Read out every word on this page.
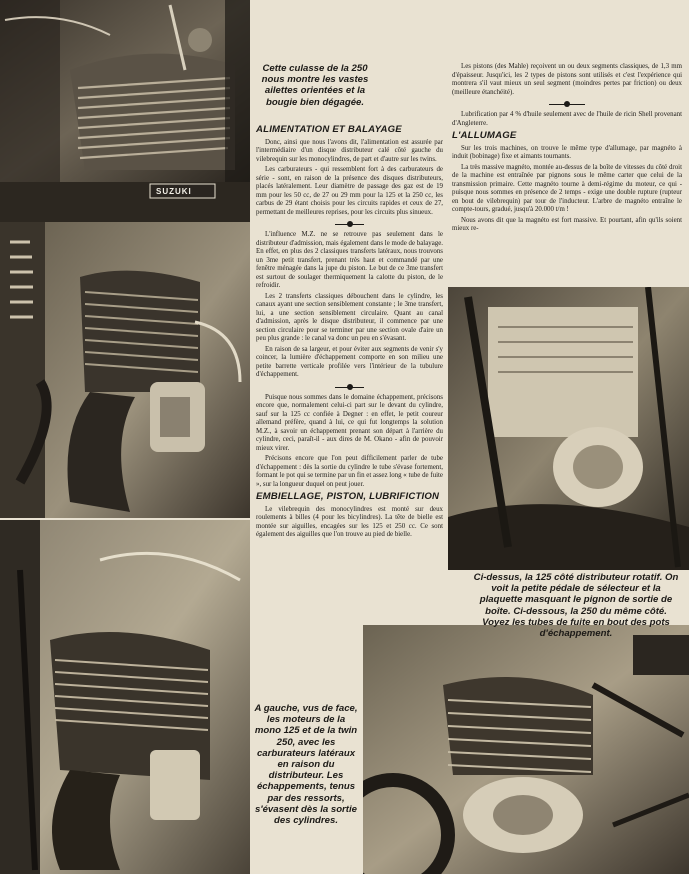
SUZUKI
Cette culasse de la 250 nous montre les vastes ailettes orientées et la bougie bien dégagée.
Ci-dessus, la 125 côté distributeur rotatif. On voit la petite pédale de sélecteur et la plaquette masquant le pignon de sortie de boîte. Ci-dessous, la 250 du même côté. Voyez les tubes de fuite en bout des pots d'échappement.
A gauche, vus de face, les moteurs de la mono 125 et de la twin 250, avec les carburateurs latéraux en raison du distributeur. Les échappements, tenus par des ressorts, s'évasent dès la sortie des cylindres.
ALIMENTATION ET BALAYAGE

Donc, ainsi que nous l'avons dit, l'alimentation est assurée par l'intermédiaire d'un disque distributeur calé côté gauche du vilebrequin sur les monocylindres, de part et d'autre sur les twins.

Les carburateurs - qui ressemblent fort à des carburateurs de série - sont, en raison de la présence des disques distributeurs, placés latéralement. Leur diamètre de passage des gaz est de 19 mm pour les 50 cc, de 27 ou 29 mm pour la 125 et la 250 cc, les carbus de 29 étant choisis pour les circuits rapides et ceux de 27, permettant de meilleures reprises, pour les circuits plus sinueux.

L'influence M.Z. ne se retrouve pas seulement dans le distributeur d'admission, mais également dans le mode de balayage. En effet, en plus des 2 classiques transferts latéraux, nous trouvons un 3me petit transfert, prenant très haut et commandé par une fenêtre ménagée dans la jupe du piston. Le but de ce 3me transfert est surtout de soulager thermiquement la calotte du piston, de le refroidir.

Les 2 transferts classiques débouchent dans le cylindre, les canaux ayant une section sensiblement constante ; le 3me transfert, lui, a une section sensiblement circulaire. Quant au canal d'admission, après le disque distributeur, il commence par une section circulaire pour se terminer par une section ovale d'aire un peu plus grande : le canal va donc un peu en s'évasant.

En raison de sa largeur, et pour éviter aux segments de venir s'y coincer, la lumière d'échappement comporte en son milieu une petite barrette verticale profilée vers l'intérieur de la tubulure d'échappement.

Puisque nous sommes dans le domaine échappement, précisons encore que, normalement celui-ci part sur le devant du cylindre, sauf sur la 125 cc confiée à Degner : en effet, le petit coureur allemand préfère, quand à lui, ce qui fut longtemps la solution M.Z., à savoir un échappement prenant son départ à l'arrière du cylindre, ceci, paraît-il - aux dires de M. Okano - afin de pouvoir mieux virer.

Précisons encore que l'on peut difficilement parler de tube d'échappement : dès la sortie du cylindre le tube s'évase fortement, formant le pot qui se termine par un fin et assez long « tube de fuite », sur la longueur duquel on peut jouer.

EMBIELLAGE, PISTON, LUBRIFICTION

Le vilebrequin des monocylindres est monté sur deux roulements à billes (4 pour les bicylindres). La tête de bielle est montée sur aiguilles, encagées sur les 125 et 250 cc. Ce sont également des aiguilles que l'on trouve au pied de bielle.

Les pistons (des Mahle) reçoivent un ou deux segments classiques, de 1,3 mm d'épaisseur. Jusqu'ici, les 2 types de pistons sont utilisés et c'est l'expérience qui montrera s'il vaut mieux un seul segment (moindres pertes par friction) ou deux (meilleure étanchéité).

Lubrification par 4 % d'huile seulement avec de l'huile de ricin Shell provenant d'Angleterre.

L'ALLUMAGE

Sur les trois machines, on trouve le même type d'allumage, par magnéto à induit (bobinage) fixe et aimants tournants.

La très massive magnéto, montée au-dessus de la boîte de vitesses du côté droit de la machine est entraînée par pignons sous le même carter que celui de la transmission primaire. Cette magnéto tourne à demi-régime du moteur, ce qui - puisque nous sommes en présence de 2 temps - exige une double rupture (rupteur en bout de vilebrequin) par tour de l'inducteur. L'arbre de magnéto entraîne le compte-tours, gradué, jusqu'à 20.000 t/m !

Nous avons dit que la magnéto est fort massive. Et pourtant, afin qu'ils soient mieux re-
